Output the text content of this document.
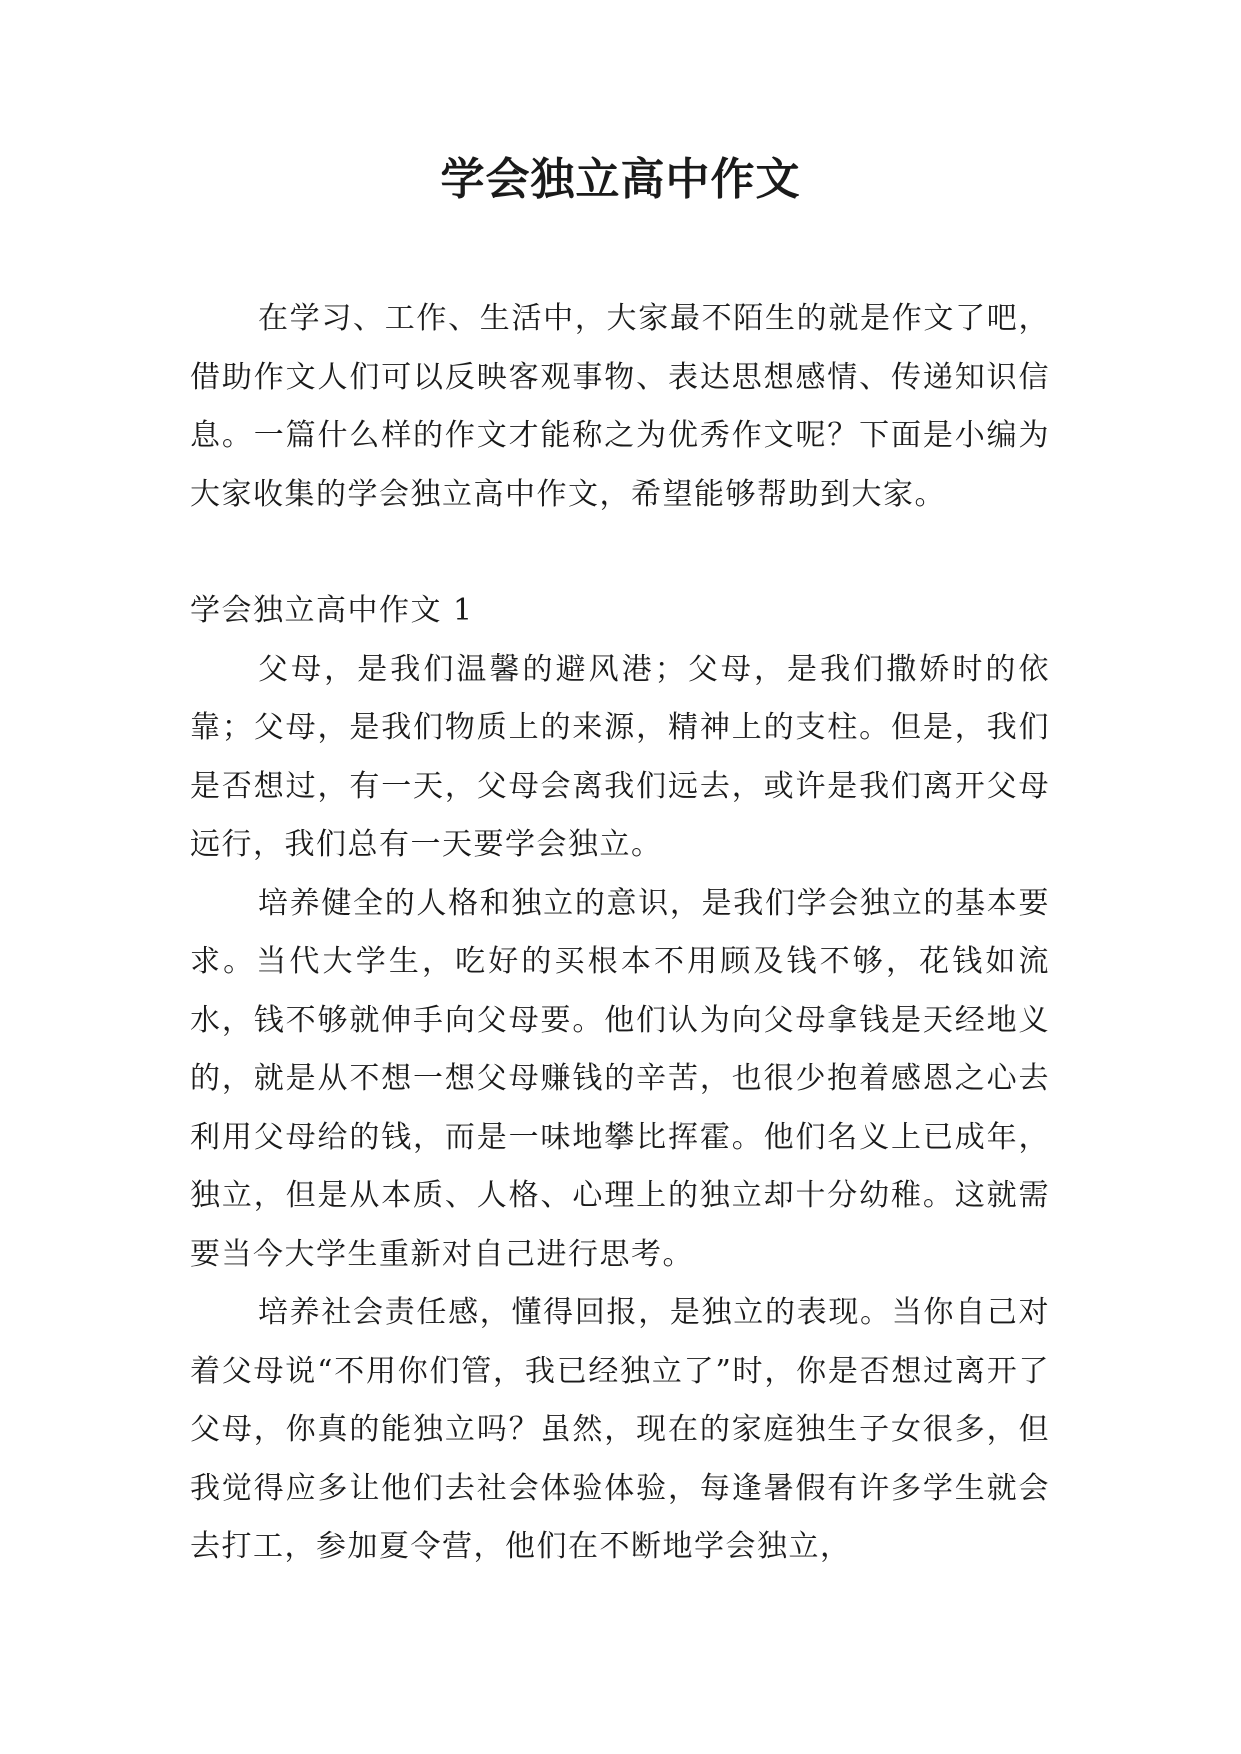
学会独立高中作文

在学习、工作、生活中，大家最不陌生的就是作文了吧，借助作文人们可以反映客观事物、表达思想感情、传递知识信息。一篇什么样的作文才能称之为优秀作文呢？下面是小编为大家收集的学会独立高中作文，希望能够帮助到大家。

学会独立高中作文 1

父母，是我们温馨的避风港；父母，是我们撒娇时的依靠；父母，是我们物质上的来源，精神上的支柱。但是，我们是否想过，有一天，父母会离我们远去，或许是我们离开父母远行，我们总有一天要学会独立。

培养健全的人格和独立的意识，是我们学会独立的基本要求。当代大学生，吃好的买根本不用顾及钱不够，花钱如流水，钱不够就伸手向父母要。他们认为向父母拿钱是天经地义的，就是从不想一想父母赚钱的辛苦，也很少抱着感恩之心去利用父母给的钱，而是一味地攀比挥霍。他们名义上已成年，独立，但是从本质、人格、心理上的独立却十分幼稚。这就需要当今大学生重新对自己进行思考。

培养社会责任感，懂得回报，是独立的表现。当你自己对着父母说“不用你们管，我已经独立了”时，你是否想过离开了父母，你真的能独立吗？虽然，现在的家庭独生子女很多，但我觉得应多让他们去社会体验体验，每逢暑假有许多学生就会去打工，参加夏令营，他们在不断地学会独立，
